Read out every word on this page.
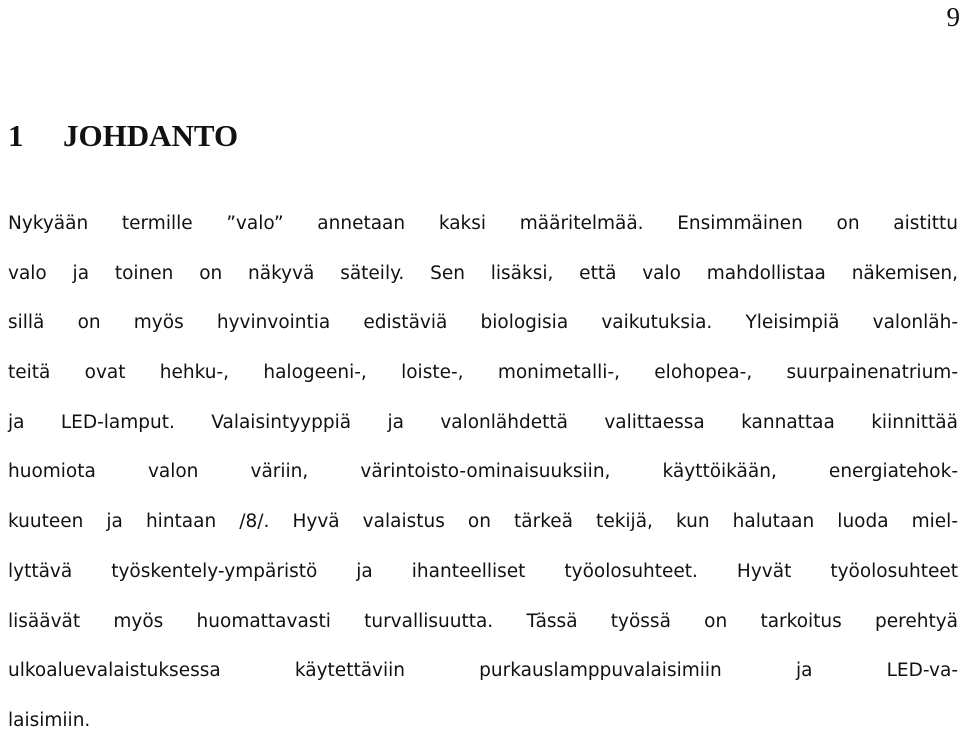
9
1 JOHDANTO
Nykyään termille ”valo” annetaan kaksi määritelmää. Ensimmäinen on aistittu
valo ja toinen on näkyvä säteily. Sen lisäksi, että valo mahdollistaa näkemisen,
sillä on myös hyvinvointia edistäviä biologisia vaikutuksia. Yleisimpiä valonläh-
teitä ovat hehku-, halogeeni-, loiste-, monimetalli-, elohopea-, suurpainenatrium-
ja LED-lamput. Valaisintyyppiä ja valonlähdettä valittaessa kannattaa kiinnittää
huomiota valon väriin, värintoisto-ominaisuuksiin, käyttöikään, energiatehok-
kuuteen ja hintaan /8/. Hyvä valaistus on tärkeä tekijä, kun halutaan luoda miel-
lyttävä työskentely-ympäristö ja ihanteelliset työolosuhteet. Hyvät työolosuhteet
lisäävät myös huomattavasti turvallisuutta. Tässä työssä on tarkoitus perehtyä
ulkoaluevalaistuksessa käytettäviin purkauslamppuvalaisimiin ja LED-va-
laisimiin.
